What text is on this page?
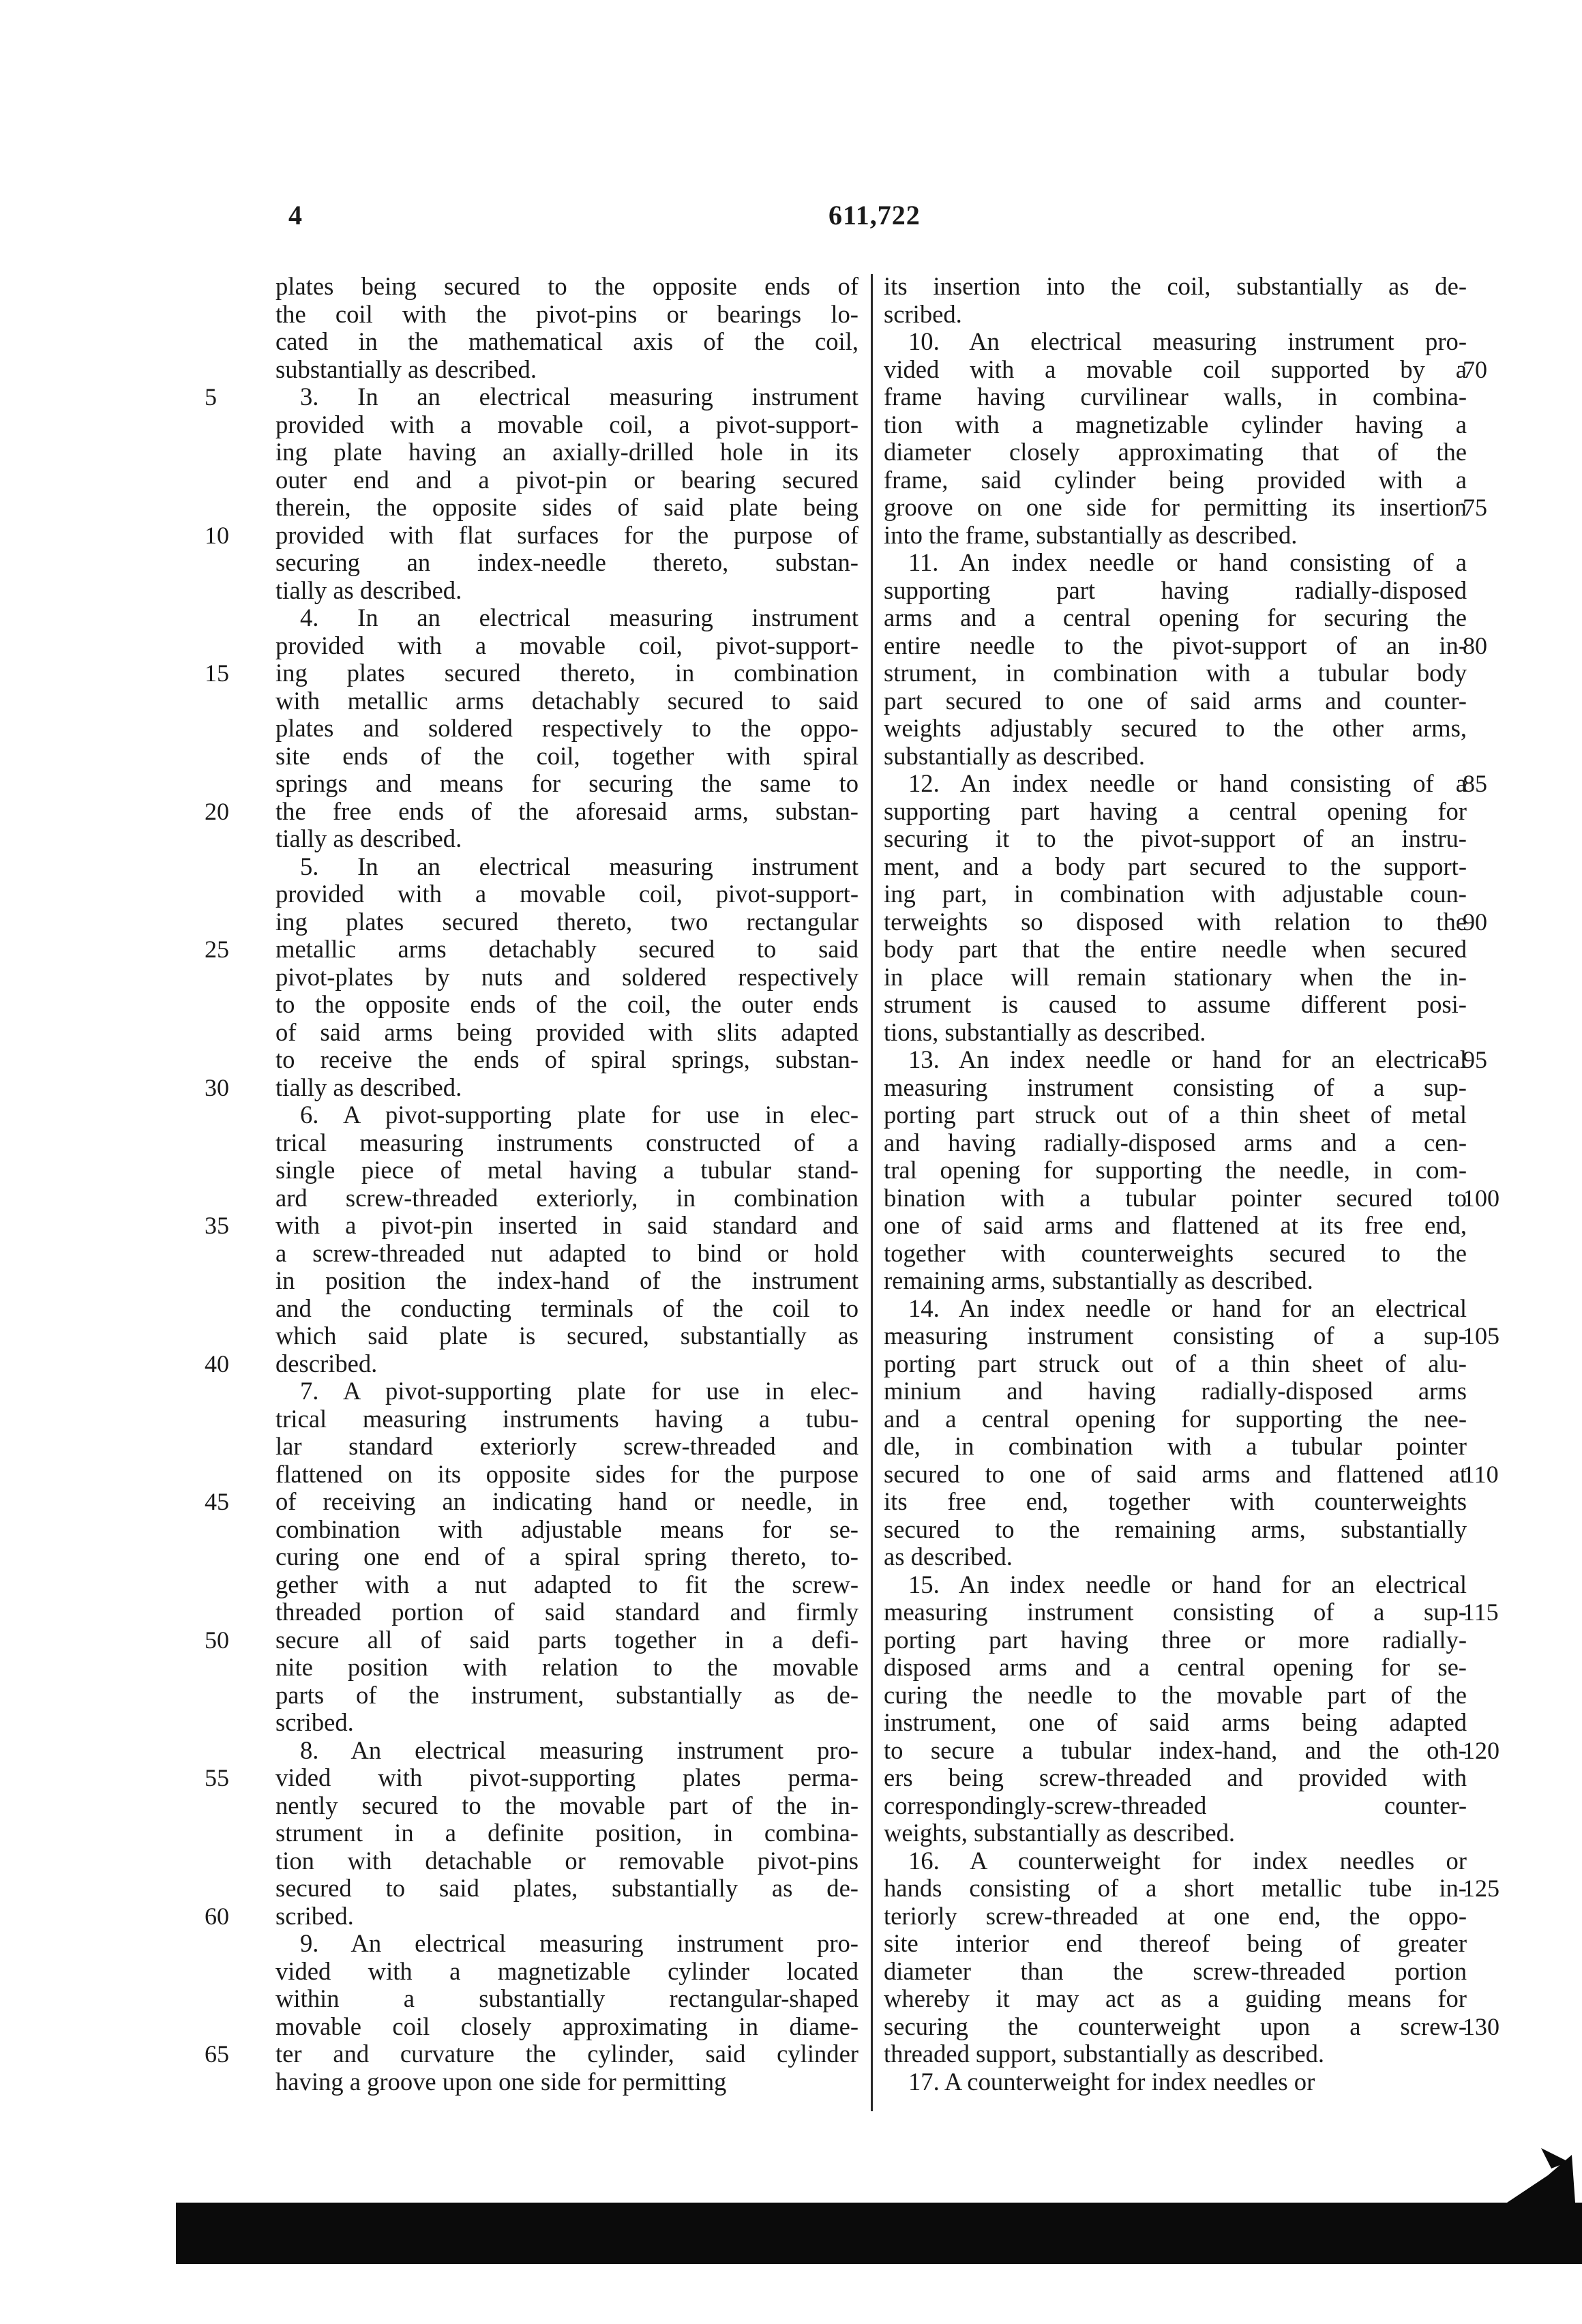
4	611,722
plates being secured to the opposite ends of
the coil with the pivot-pins or bearings lo-
cated in the mathematical axis of the coil,
substantially as described.
3. In an electrical measuring instrument
provided with a movable coil, a pivot-support-
ing plate having an axially-drilled hole in its
outer end and a pivot-pin or bearing secured
therein, the opposite sides of said plate being
provided with flat surfaces for the purpose of
securing an index-needle thereto, substan-
tially as described.
4. In an electrical measuring instrument
provided with a movable coil, pivot-support-
ing plates secured thereto, in combination
with metallic arms detachably secured to said
plates and soldered respectively to the oppo-
site ends of the coil, together with spiral
springs and means for securing the same to
the free ends of the aforesaid arms, substan-
tially as described.
5. In an electrical measuring instrument
provided with a movable coil, pivot-support-
ing plates secured thereto, two rectangular
metallic arms detachably secured to said
pivot-plates by nuts and soldered respectively
to the opposite ends of the coil, the outer ends
of said arms being provided with slits adapted
to receive the ends of spiral springs, substan-
tially as described.
6. A pivot-supporting plate for use in elec-
trical measuring instruments constructed of a
single piece of metal having a tubular stand-
ard screw-threaded exteriorly, in combination
with a pivot-pin inserted in said standard and
a screw-threaded nut adapted to bind or hold
in position the index-hand of the instrument
and the conducting terminals of the coil to
which said plate is secured, substantially as
described.
7. A pivot-supporting plate for use in elec-
trical measuring instruments having a tubu-
lar standard exteriorly screw-threaded and
flattened on its opposite sides for the purpose
of receiving an indicating hand or needle, in
combination with adjustable means for se-
curing one end of a spiral spring thereto, to-
gether with a nut adapted to fit the screw-
threaded portion of said standard and firmly
secure all of said parts together in a defi-
nite position with relation to the movable
parts of the instrument, substantially as de-
scribed.
8. An electrical measuring instrument pro-
vided with pivot-supporting plates perma-
nently secured to the movable part of the in-
strument in a definite position, in combina-
tion with detachable or removable pivot-pins
secured to said plates, substantially as de-
scribed.
9. An electrical measuring instrument pro-
vided with a magnetizable cylinder located
within a substantially rectangular-shaped
movable coil closely approximating in diame-
ter and curvature the cylinder, said cylinder
having a groove upon one side for permitting
its insertion into the coil, substantially as de-
scribed.
10. An electrical measuring instrument pro-
vided with a movable coil supported by a
frame having curvilinear walls, in combina-
tion with a magnetizable cylinder having a
diameter closely approximating that of the
frame, said cylinder being provided with a
groove on one side for permitting its insertion
into the frame, substantially as described.
11. An index needle or hand consisting of a
supporting part having radially-disposed
arms and a central opening for securing the
entire needle to the pivot-support of an in-
strument, in combination with a tubular body
part secured to one of said arms and counter-
weights adjustably secured to the other arms,
substantially as described.
12. An index needle or hand consisting of a
supporting part having a central opening for
securing it to the pivot-support of an instru-
ment, and a body part secured to the support-
ing part, in combination with adjustable coun-
terweights so disposed with relation to the
body part that the entire needle when secured
in place will remain stationary when the in-
strument is caused to assume different posi-
tions, substantially as described.
13. An index needle or hand for an electrical
measuring instrument consisting of a sup-
porting part struck out of a thin sheet of metal
and having radially-disposed arms and a cen-
tral opening for supporting the needle, in com-
bination with a tubular pointer secured to
one of said arms and flattened at its free end,
together with counterweights secured to the
remaining arms, substantially as described.
14. An index needle or hand for an electrical
measuring instrument consisting of a sup-
porting part struck out of a thin sheet of alu-
minium and having radially-disposed arms
and a central opening for supporting the nee-
dle, in combination with a tubular pointer
secured to one of said arms and flattened at
its free end, together with counterweights
secured to the remaining arms, substantially
as described.
15. An index needle or hand for an electrical
measuring instrument consisting of a sup-
porting part having three or more radially-
disposed arms and a central opening for se-
curing the needle to the movable part of the
instrument, one of said arms being adapted
to secure a tubular index-hand, and the oth-
ers being screw-threaded and provided with
correspondingly-screw-threaded counter-
weights, substantially as described.
16. A counterweight for index needles or
hands consisting of a short metallic tube in-
teriorly screw-threaded at one end, the oppo-
site interior end thereof being of greater
diameter than the screw-threaded portion
whereby it may act as a guiding means for
securing the counterweight upon a screw-
threaded support, substantially as described.
17. A counterweight for index needles or
5
10
15
20
25
30
35
40
45
50
55
60
65
70
75
80
85
90
95
100
105
110
115
120
125
130
